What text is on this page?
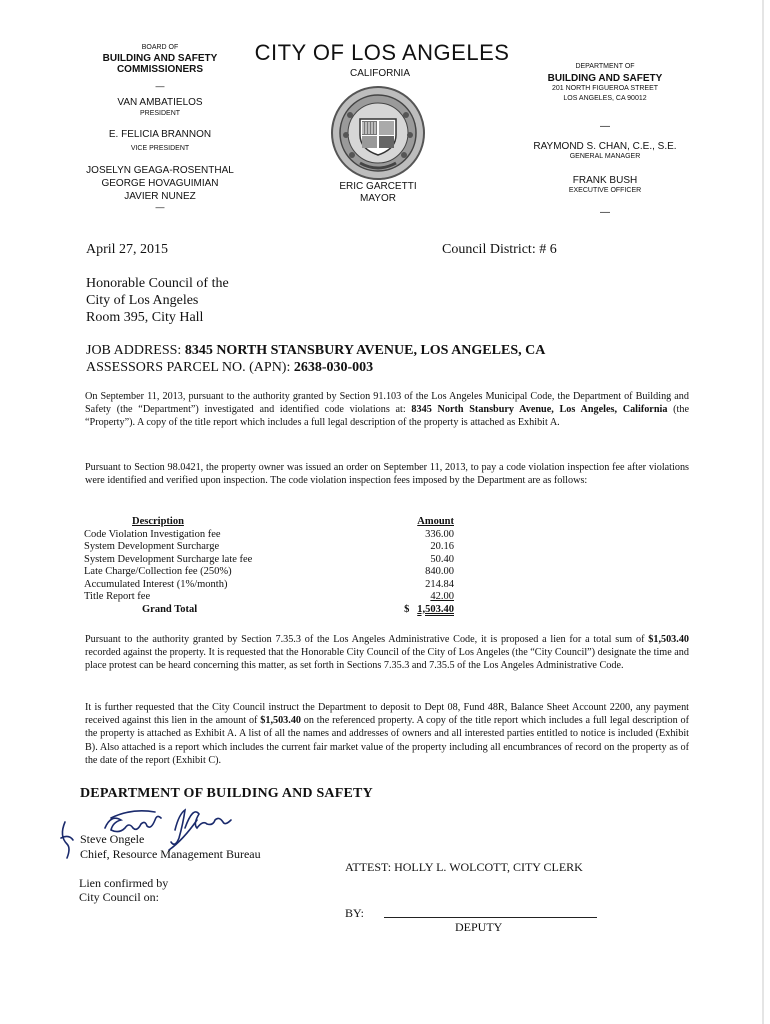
BOARD OF
BUILDING AND SAFETY
COMMISSIONERS
—
VAN AMBATIELOS
PRESIDENT
E. FELICIA BRANNON
VICE PRESIDENT
JOSELYN GEAGA-ROSENTHAL
GEORGE HOVAGUIMIAN
JAVIER NUNEZ
—
CITY OF LOS ANGELES
CALIFORNIA
ERIC GARCETTI
MAYOR
DEPARTMENT OF
BUILDING AND SAFETY
201 NORTH FIGUEROA STREET
LOS ANGELES, CA 90012
—
RAYMOND S. CHAN, C.E., S.E.
GENERAL MANAGER
FRANK BUSH
EXECUTIVE OFFICER
—
April 27, 2015	Council District: # 6
Honorable Council of the
City of Los Angeles
Room 395, City Hall
JOB ADDRESS: 8345 NORTH STANSBURY AVENUE, LOS ANGELES, CA
ASSESSORS PARCEL NO. (APN): 2638-030-003
On September 11, 2013, pursuant to the authority granted by Section 91.103 of the Los Angeles Municipal Code, the Department of Building and Safety (the “Department”) investigated and identified code violations at: 8345 North Stansbury Avenue, Los Angeles, California (the “Property”). A copy of the title report which includes a full legal description of the property is attached as Exhibit A.
Pursuant to Section 98.0421, the property owner was issued an order on September 11, 2013, to pay a code violation inspection fee after violations were identified and verified upon inspection. The code violation inspection fees imposed by the Department are as follows:
Description	Amount
Code Violation Investigation fee	336.00
System Development Surcharge	20.16
System Development Surcharge late fee	50.40
Late Charge/Collection fee (250%)	840.00
Accumulated Interest (1%/month)	214.84
Title Report fee	42.00
Grand Total	$ 1,503.40
Pursuant to the authority granted by Section 7.35.3 of the Los Angeles Administrative Code, it is proposed a lien for a total sum of $1,503.40 recorded against the property. It is requested that the Honorable City Council of the City of Los Angeles (the “City Council”) designate the time and place protest can be heard concerning this matter, as set forth in Sections 7.35.3 and 7.35.5 of the Los Angeles Administrative Code.
It is further requested that the City Council instruct the Department to deposit to Dept 08, Fund 48R, Balance Sheet Account 2200, any payment received against this lien in the amount of $1,503.40 on the referenced property. A copy of the title report which includes a full legal description of the property is attached as Exhibit A. A list of all the names and addresses of owners and all interested parties entitled to notice is included (Exhibit B). Also attached is a report which includes the current fair market value of the property including all encumbrances of record on the property as of the date of the report (Exhibit C).
DEPARTMENT OF BUILDING AND SAFETY
Steve Ongele
Chief, Resource Management Bureau
ATTEST: HOLLY L. WOLCOTT, CITY CLERK
Lien confirmed by
City Council on:
BY:
DEPUTY
